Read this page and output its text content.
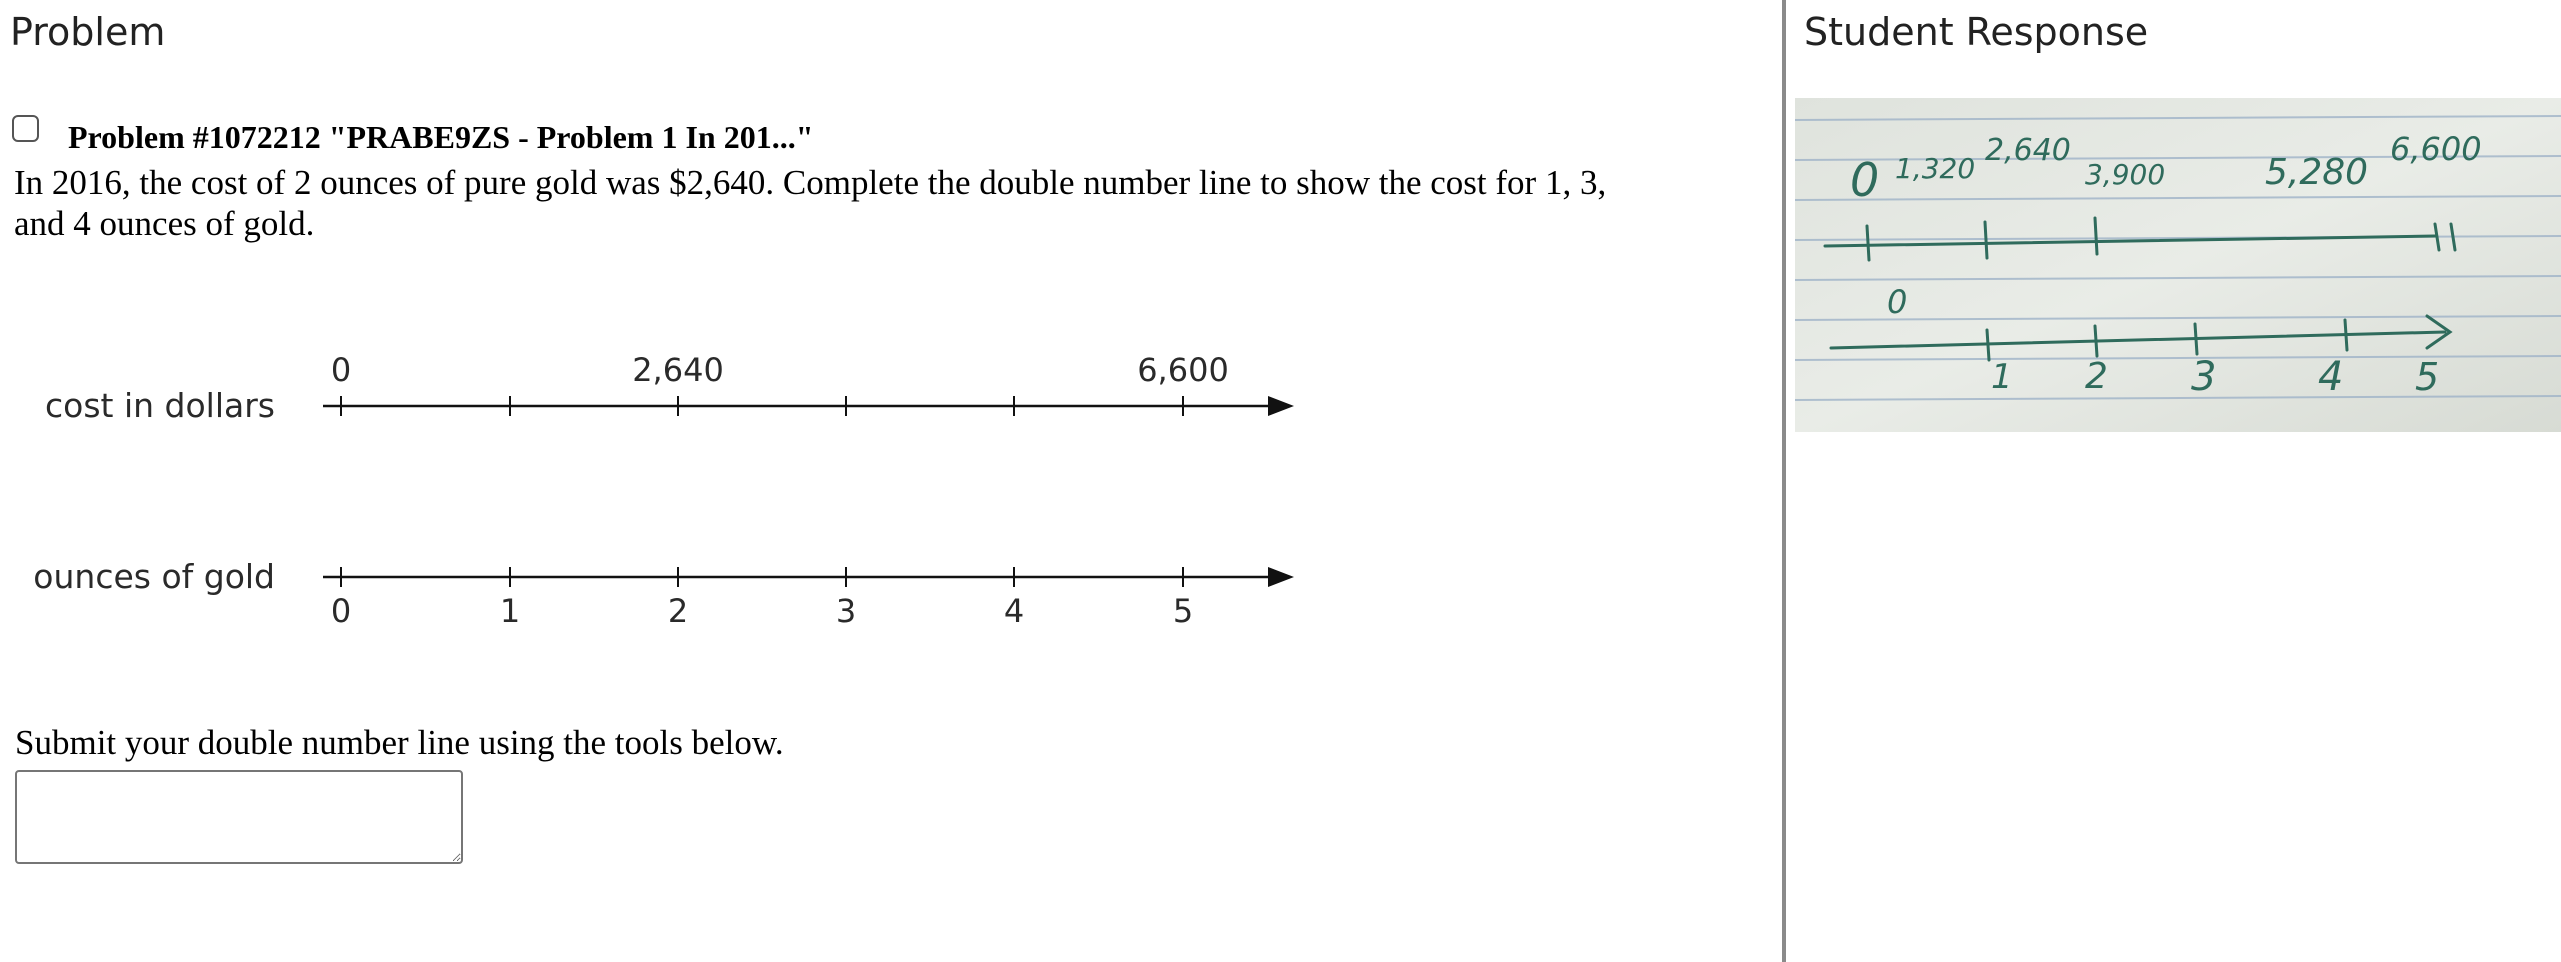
Problem
Problem #1072212 "PRABE9ZS - Problem 1 In 201..."
In 2016, the cost of 2 ounces of pure gold was $2,640. Complete the double number line to show the cost for 1, 3, and 4 ounces of gold.
cost in dollars
0	2,640	6,600
ounces of gold
0	1	2	3	4	5
Submit your double number line using the tools below.
Student Response
0 1,320
2,640
3,900	5,280
6,600
0
1 2 3	4 5
